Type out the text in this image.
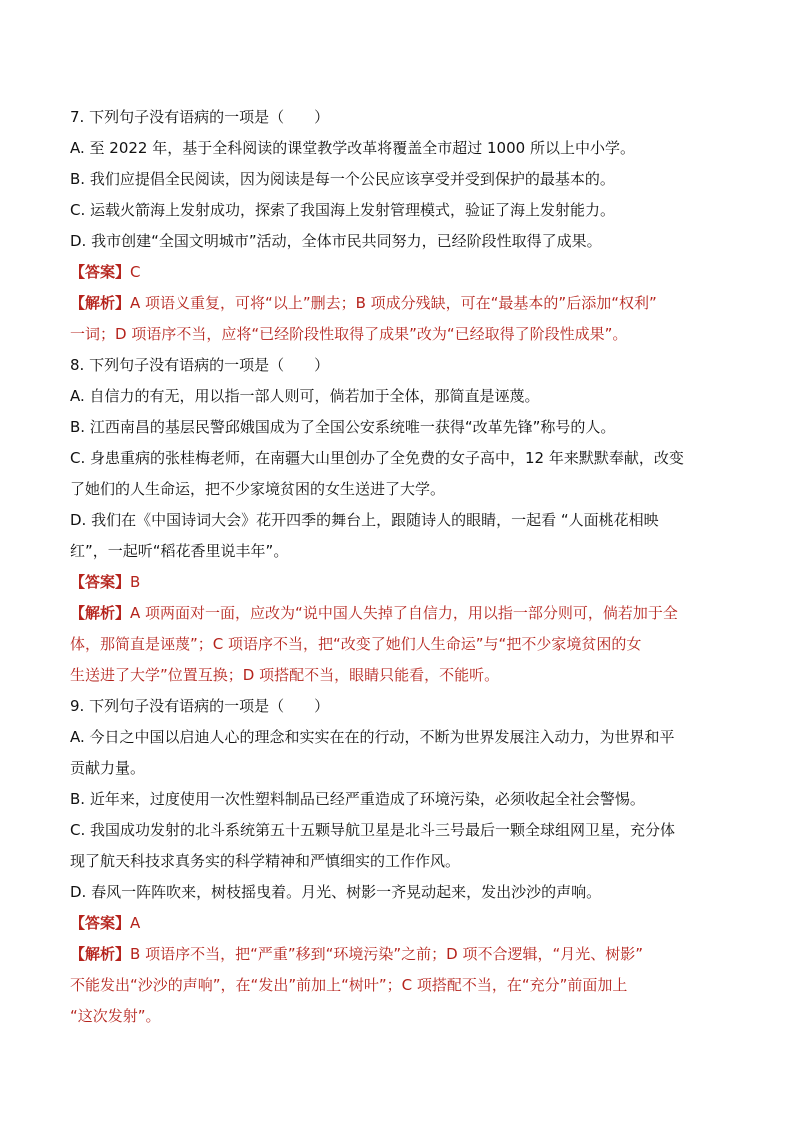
7. 下列句子没有语病的一项是（　　）
A. 至 2022 年，基于全科阅读的课堂教学改革将覆盖全市超过 1000 所以上中小学。
B. 我们应提倡全民阅读，因为阅读是每一个公民应该享受并受到保护的最基本的。
C. 运载火箭海上发射成功，探索了我国海上发射管理模式，验证了海上发射能力。
D. 我市创建“全国文明城市”活动，全体市民共同努力，已经阶段性取得了成果。
【答案】C
【解析】A 项语义重复，可将“以上”删去；B 项成分残缺，可在“最基本的”后添加“权利”
一词；D 项语序不当，应将“已经阶段性取得了成果”改为“已经取得了阶段性成果”。
8. 下列句子没有语病的一项是（　　）
A. 自信力的有无，用以指一部人则可，倘若加于全体，那简直是诬蔑。
B. 江西南昌的基层民警邱娥国成为了全国公安系统唯一获得“改革先锋”称号的人。
C. 身患重病的张桂梅老师，在南疆大山里创办了全免费的女子高中，12 年来默默奉献，改变
了她们的人生命运，把不少家境贫困的女生送进了大学。
D. 我们在《中国诗词大会》花开四季的舞台上，跟随诗人的眼睛，一起看 “人面桃花相映
红”，一起听“稻花香里说丰年”。
【答案】B
【解析】A 项两面对一面，应改为“说中国人失掉了自信力，用以指一部分则可，倘若加于全
体，那简直是诬蔑”；C 项语序不当，把“改变了她们人生命运”与“把不少家境贫困的女
生送进了大学”位置互换；D 项搭配不当，眼睛只能看，不能听。
9. 下列句子没有语病的一项是（　　）
A. 今日之中国以启迪人心的理念和实实在在的行动，不断为世界发展注入动力，为世界和平
贡献力量。
B. 近年来，过度使用一次性塑料制品已经严重造成了环境污染，必须收起全社会警惕。
C. 我国成功发射的北斗系统第五十五颗导航卫星是北斗三号最后一颗全球组网卫星，充分体
现了航天科技求真务实的科学精神和严慎细实的工作作风。
D. 春风一阵阵吹来，树枝摇曳着。月光、树影一齐晃动起来，发出沙沙的声响。
【答案】A
【解析】B 项语序不当，把“严重”移到“环境污染”之前；D 项不合逻辑，“月光、树影”
不能发出“沙沙的声响”，在“发出”前加上“树叶”；C 项搭配不当，在“充分”前面加上
“这次发射”。
